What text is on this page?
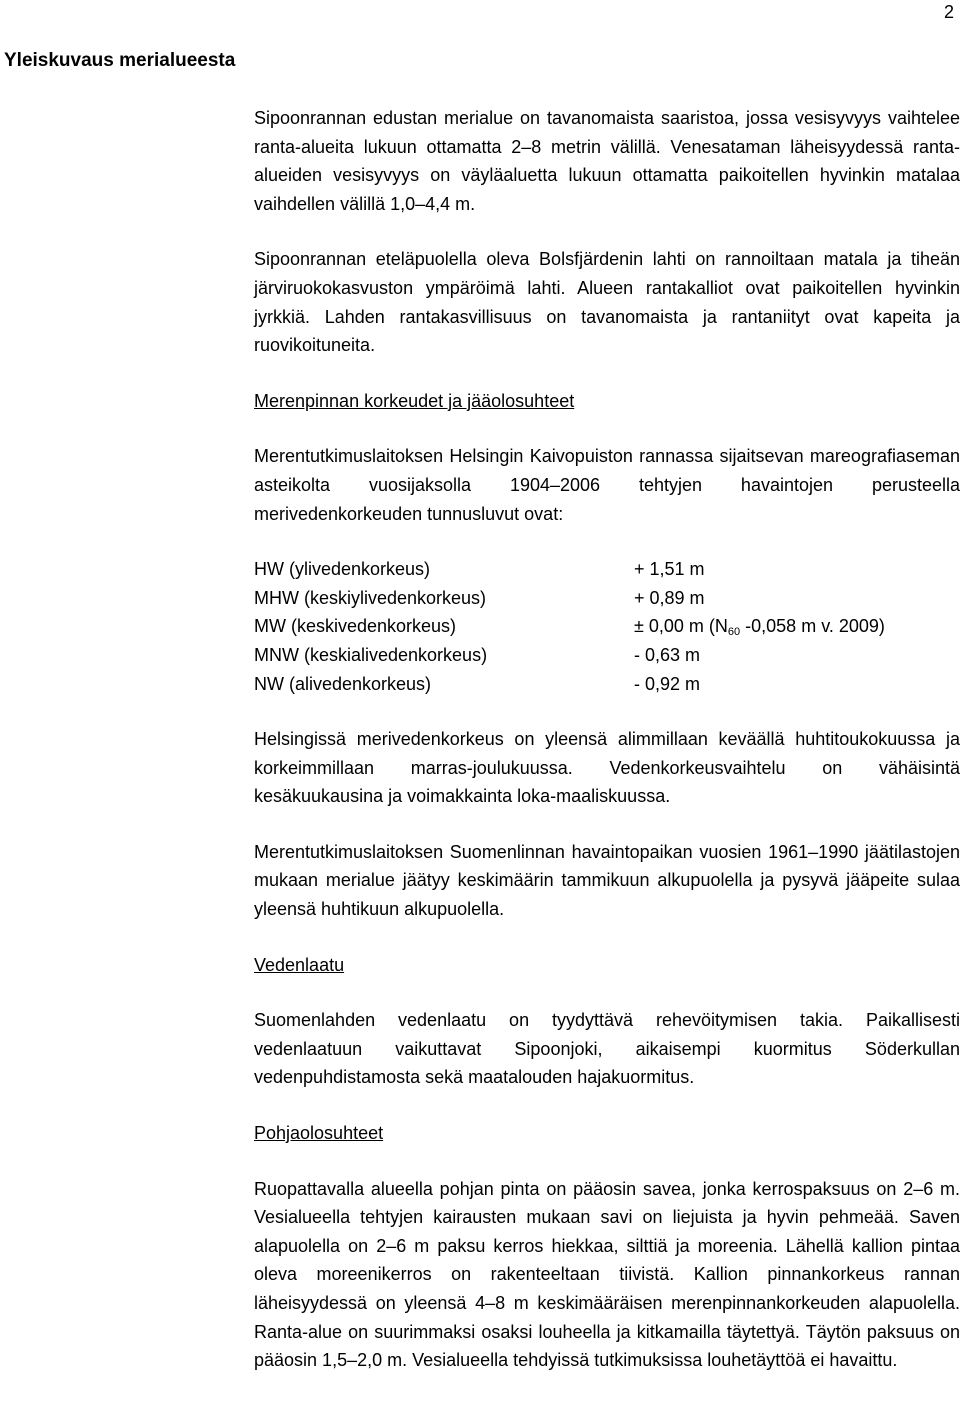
2
Yleiskuvaus merialueesta

Sipoonrannan edustan merialue on tavanomaista saaristoa, jossa vesisyvyys vaihtelee ranta-alueita lukuun ottamatta 2–8 metrin välillä. Venesataman läheisyydessä ranta-alueiden vesisyvyys on väyläaluetta lukuun ottamatta paikoitellen hyvinkin matalaa vaihdellen välillä 1,0–4,4 m.

Sipoonrannan eteläpuolella oleva Bolsfjärdenin lahti on rannoiltaan matala ja tiheän järviruokokasvuston ympäröimä lahti. Alueen rantakalliot ovat paikoitellen hyvinkin jyrkkiä. Lahden rantakasvillisuus on tavanomaista ja rantaniityt ovat kapeita ja ruovikoituneita.

Merenpinnan korkeudet ja jääolosuhteet

Merentutkimuslaitoksen Helsingin Kaivopuiston rannassa sijaitsevan mareografiaseman asteikolta vuosijaksolla 1904–2006 tehtyjen havaintojen perusteella merivedenkorkeuden tunnusluvut ovat:

HW (ylivedenkorkeus)	+ 1,51 m
MHW (keskiylivedenkorkeus)	+ 0,89 m
MW (keskivedenkorkeus)	± 0,00 m ($N_{60}$ -0,058 m v. 2009)
MNW (keskialivedenkorkeus)	- 0,63 m
NW (alivedenkorkeus)	- 0,92 m

Helsingissä merivedenkorkeus on yleensä alimmillaan keväällä huhtitoukokuussa ja korkeimmillaan marras-joulukuussa. Vedenkorkeusvaihtelu on vähäisintä kesäkuukausina ja voimakkainta loka-maaliskuussa.

Merentutkimuslaitoksen Suomenlinnan havaintopaikan vuosien 1961–1990 jäätilastojen mukaan merialue jäätyy keskimäärin tammikuun alkupuolella ja pysyvä jääpeite sulaa yleensä huhtikuun alkupuolella.

Vedenlaatu

Suomenlahden vedenlaatu on tyydyttävä rehevöitymisen takia. Paikallisesti vedenlaatuun vaikuttavat Sipoonjoki, aikaisempi kuormitus Söderkullan vedenpuhdistamosta sekä maatalouden hajakuormitus.

Pohjaolosuhteet

Ruopattavalla alueella pohjan pinta on pääosin savea, jonka kerrospaksuus on 2–6 m. Vesialueella tehtyjen kairausten mukaan savi on liejuista ja hyvin pehmeää. Saven alapuolella on 2–6 m paksu kerros hiekkaa, silttiä ja moreenia. Lähellä kallion pintaa oleva moreenikerros on rakenteeltaan tiivistä. Kallion pinnankorkeus rannan läheisyydessä on yleensä 4–8 m keskimääräisen merenpinnankorkeuden alapuolella. Ranta-alue on suurimmaksi osaksi louheella ja kitkamailla täytettyä. Täytön paksuus on pääosin 1,5–2,0 m. Vesialueella tehdyissä tutkimuksissa louhetäyttöä ei havaittu.
